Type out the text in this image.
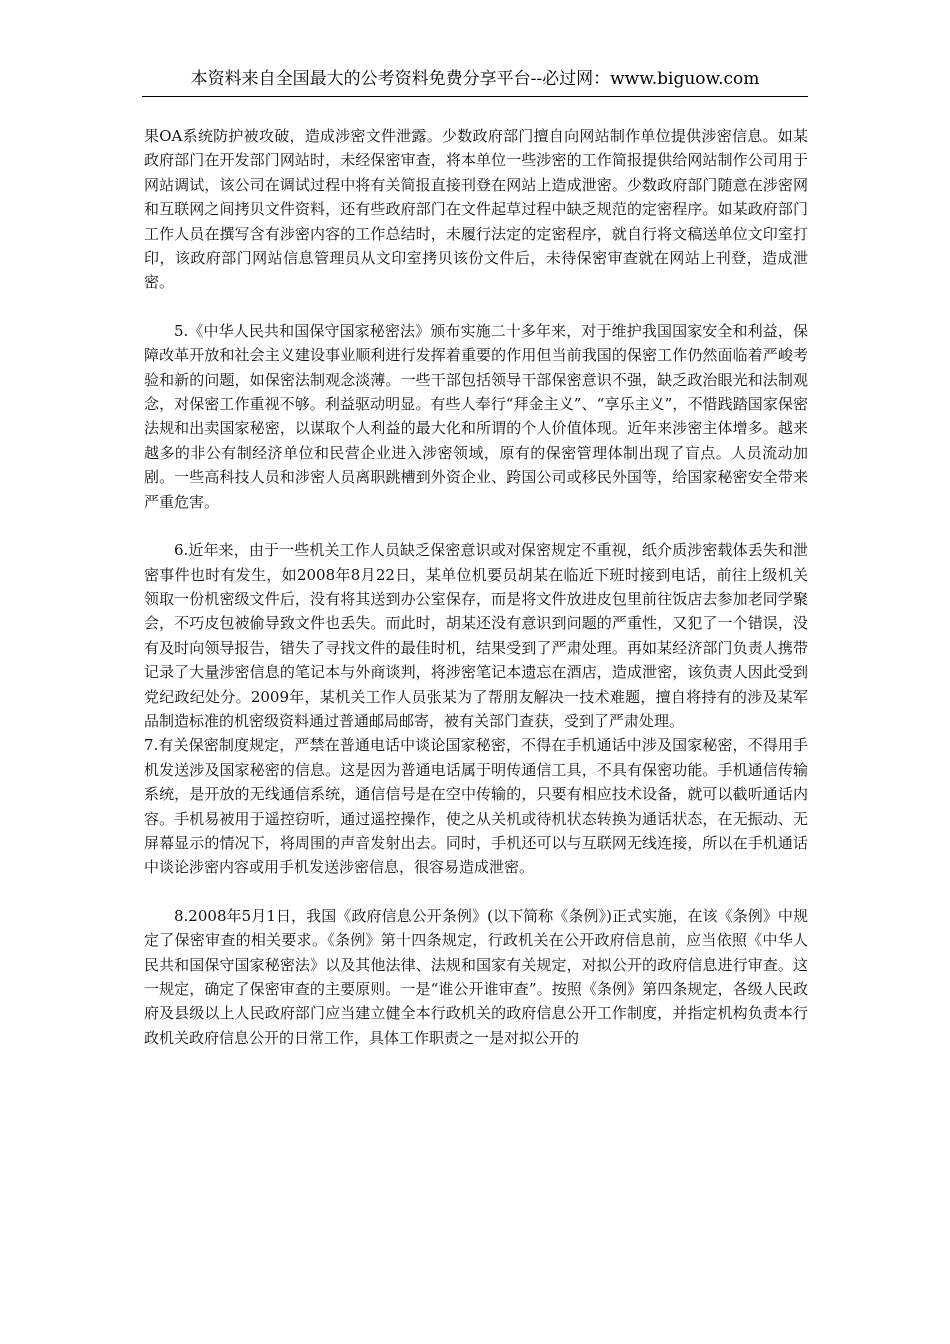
本资料来自全国最大的公考资料免费分享平台--必过网：www.biguow.com

果OA系统防护被攻破，造成涉密文件泄露。少数政府部门擅自向网站制作单位提供涉密信息。如某政府部门在开发部门网站时，未经保密审查，将本单位一些涉密的工作简报提供给网站制作公司用于网站调试，该公司在调试过程中将有关简报直接刊登在网站上造成泄密。少数政府部门随意在涉密网和互联网之间拷贝文件资料，还有些政府部门在文件起草过程中缺乏规范的定密程序。如某政府部门工作人员在撰写含有涉密内容的工作总结时，未履行法定的定密程序，就自行将文稿送单位文印室打印，该政府部门网站信息管理员从文印室拷贝该份文件后，未待保密审查就在网站上刊登，造成泄密。

5.《中华人民共和国保守国家秘密法》颁布实施二十多年来，对于维护我国国家安全和利益，保障改革开放和社会主义建设事业顺利进行发挥着重要的作用但当前我国的保密工作仍然面临着严峻考验和新的问题，如保密法制观念淡薄。一些干部包括领导干部保密意识不强，缺乏政治眼光和法制观念，对保密工作重视不够。利益驱动明显。有些人奉行“拜金主义”、“享乐主义”，不惜践踏国家保密法规和出卖国家秘密，以谋取个人利益的最大化和所谓的个人价值体现。近年来涉密主体增多。越来越多的非公有制经济单位和民营企业进入涉密领域，原有的保密管理体制出现了盲点。人员流动加剧。一些高科技人员和涉密人员离职跳槽到外资企业、跨国公司或移民外国等，给国家秘密安全带来严重危害。

6.近年来，由于一些机关工作人员缺乏保密意识或对保密规定不重视，纸介质涉密载体丢失和泄密事件也时有发生，如2008年8月22日，某单位机要员胡某在临近下班时接到电话，前往上级机关领取一份机密级文件后，没有将其送到办公室保存，而是将文件放进皮包里前往饭店去参加老同学聚会，不巧皮包被偷导致文件也丢失。而此时，胡某还没有意识到问题的严重性，又犯了一个错误，没有及时向领导报告，错失了寻找文件的最佳时机，结果受到了严肃处理。再如某经济部门负责人携带记录了大量涉密信息的笔记本与外商谈判，将涉密笔记本遗忘在酒店，造成泄密，该负责人因此受到党纪政纪处分。2009年，某机关工作人员张某为了帮朋友解决一技术难题，擅自将持有的涉及某军品制造标准的机密级资料通过普通邮局邮寄，被有关部门查获，受到了严肃处理。

7.有关保密制度规定，严禁在普通电话中谈论国家秘密，不得在手机通话中涉及国家秘密，不得用手机发送涉及国家秘密的信息。这是因为普通电话属于明传通信工具，不具有保密功能。手机通信传输系统，是开放的无线通信系统，通信信号是在空中传输的，只要有相应技术设备，就可以截听通话内容。手机易被用于遥控窃听，通过遥控操作，使之从关机或待机状态转换为通话状态，在无振动、无屏幕显示的情况下，将周围的声音发射出去。同时，手机还可以与互联网无线连接，所以在手机通话中谈论涉密内容或用手机发送涉密信息，很容易造成泄密。

8.2008年5月1日，我国《政府信息公开条例》(以下简称《条例》)正式实施，在该《条例》中规定了保密审查的相关要求。《条例》第十四条规定，行政机关在公开政府信息前，应当依照《中华人民共和国保守国家秘密法》以及其他法律、法规和国家有关规定，对拟公开的政府信息进行审查。这一规定，确定了保密审查的主要原则。一是“谁公开谁审查”。按照《条例》第四条规定，各级人民政府及县级以上人民政府部门应当建立健全本行政机关的政府信息公开工作制度，并指定机构负责本行政机关政府信息公开的日常工作，具体工作职责之一是对拟公开的
